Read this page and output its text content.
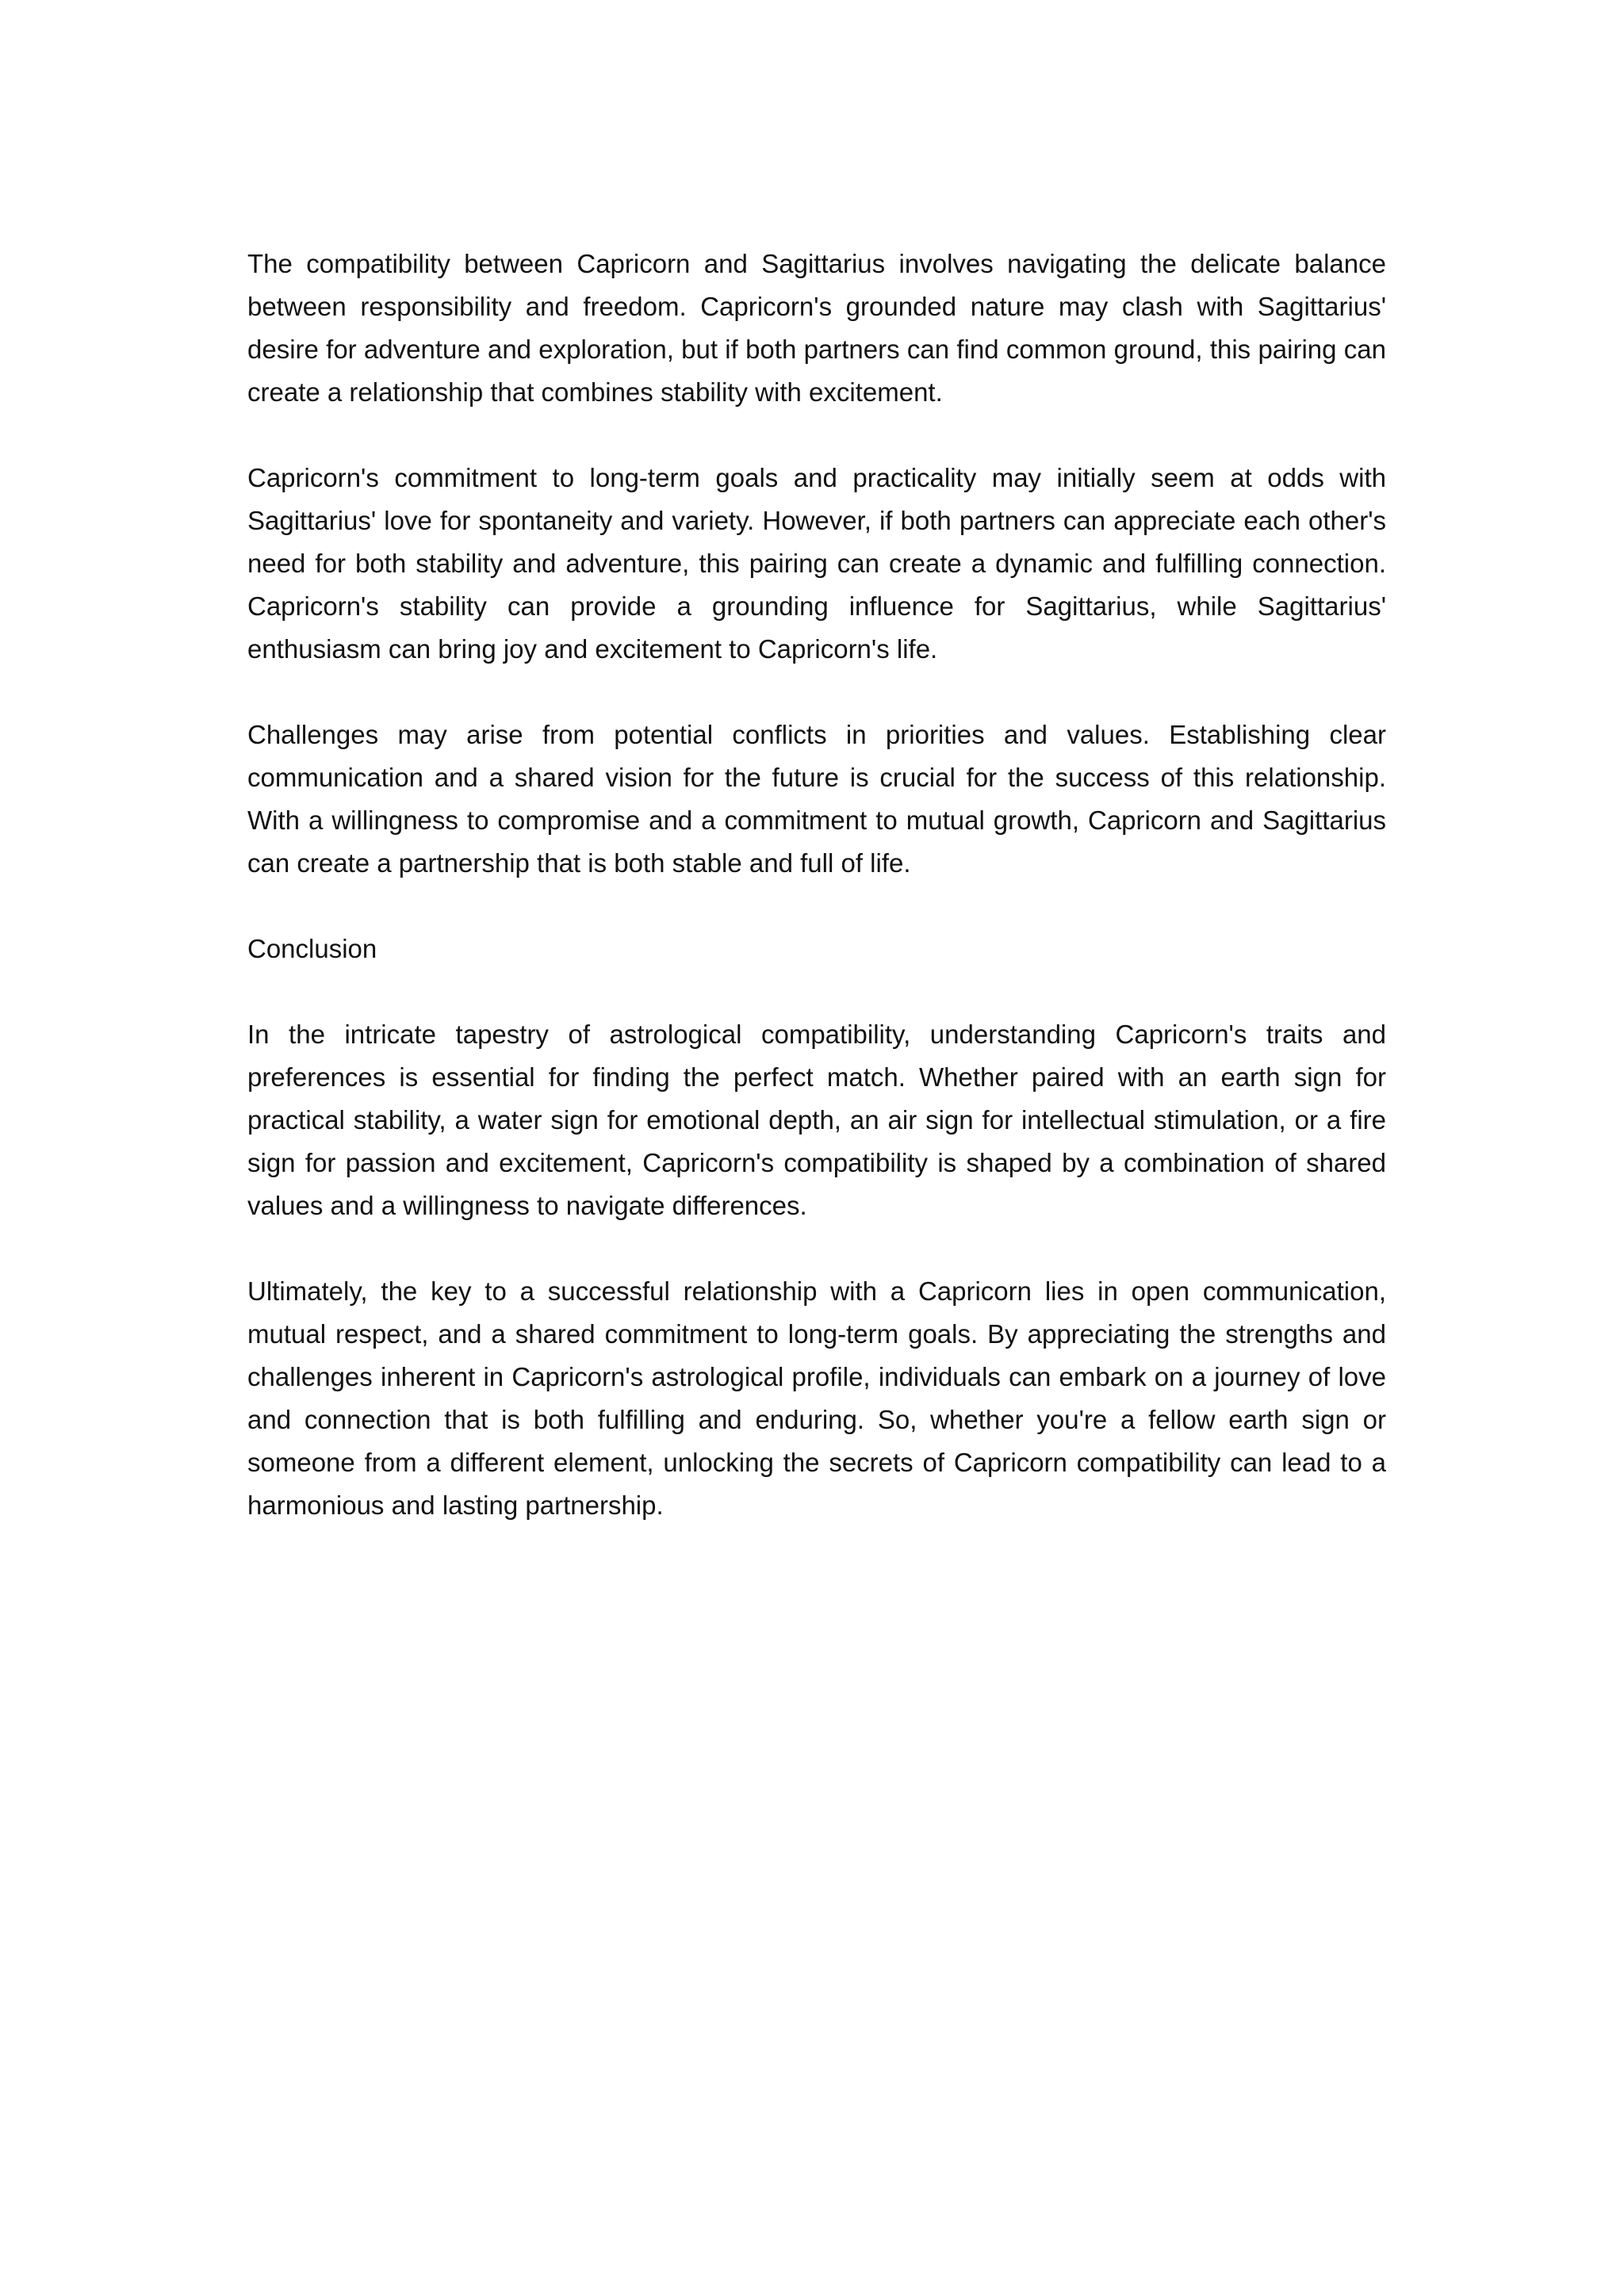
The compatibility between Capricorn and Sagittarius involves navigating the delicate balance between responsibility and freedom. Capricorn's grounded nature may clash with Sagittarius' desire for adventure and exploration, but if both partners can find common ground, this pairing can create a relationship that combines stability with excitement.

Capricorn's commitment to long-term goals and practicality may initially seem at odds with Sagittarius' love for spontaneity and variety. However, if both partners can appreciate each other's need for both stability and adventure, this pairing can create a dynamic and fulfilling connection. Capricorn's stability can provide a grounding influence for Sagittarius, while Sagittarius' enthusiasm can bring joy and excitement to Capricorn's life.

Challenges may arise from potential conflicts in priorities and values. Establishing clear communication and a shared vision for the future is crucial for the success of this relationship. With a willingness to compromise and a commitment to mutual growth, Capricorn and Sagittarius can create a partnership that is both stable and full of life.

Conclusion

In the intricate tapestry of astrological compatibility, understanding Capricorn's traits and preferences is essential for finding the perfect match. Whether paired with an earth sign for practical stability, a water sign for emotional depth, an air sign for intellectual stimulation, or a fire sign for passion and excitement, Capricorn's compatibility is shaped by a combination of shared values and a willingness to navigate differences.

Ultimately, the key to a successful relationship with a Capricorn lies in open communication, mutual respect, and a shared commitment to long-term goals. By appreciating the strengths and challenges inherent in Capricorn's astrological profile, individuals can embark on a journey of love and connection that is both fulfilling and enduring. So, whether you're a fellow earth sign or someone from a different element, unlocking the secrets of Capricorn compatibility can lead to a harmonious and lasting partnership.
